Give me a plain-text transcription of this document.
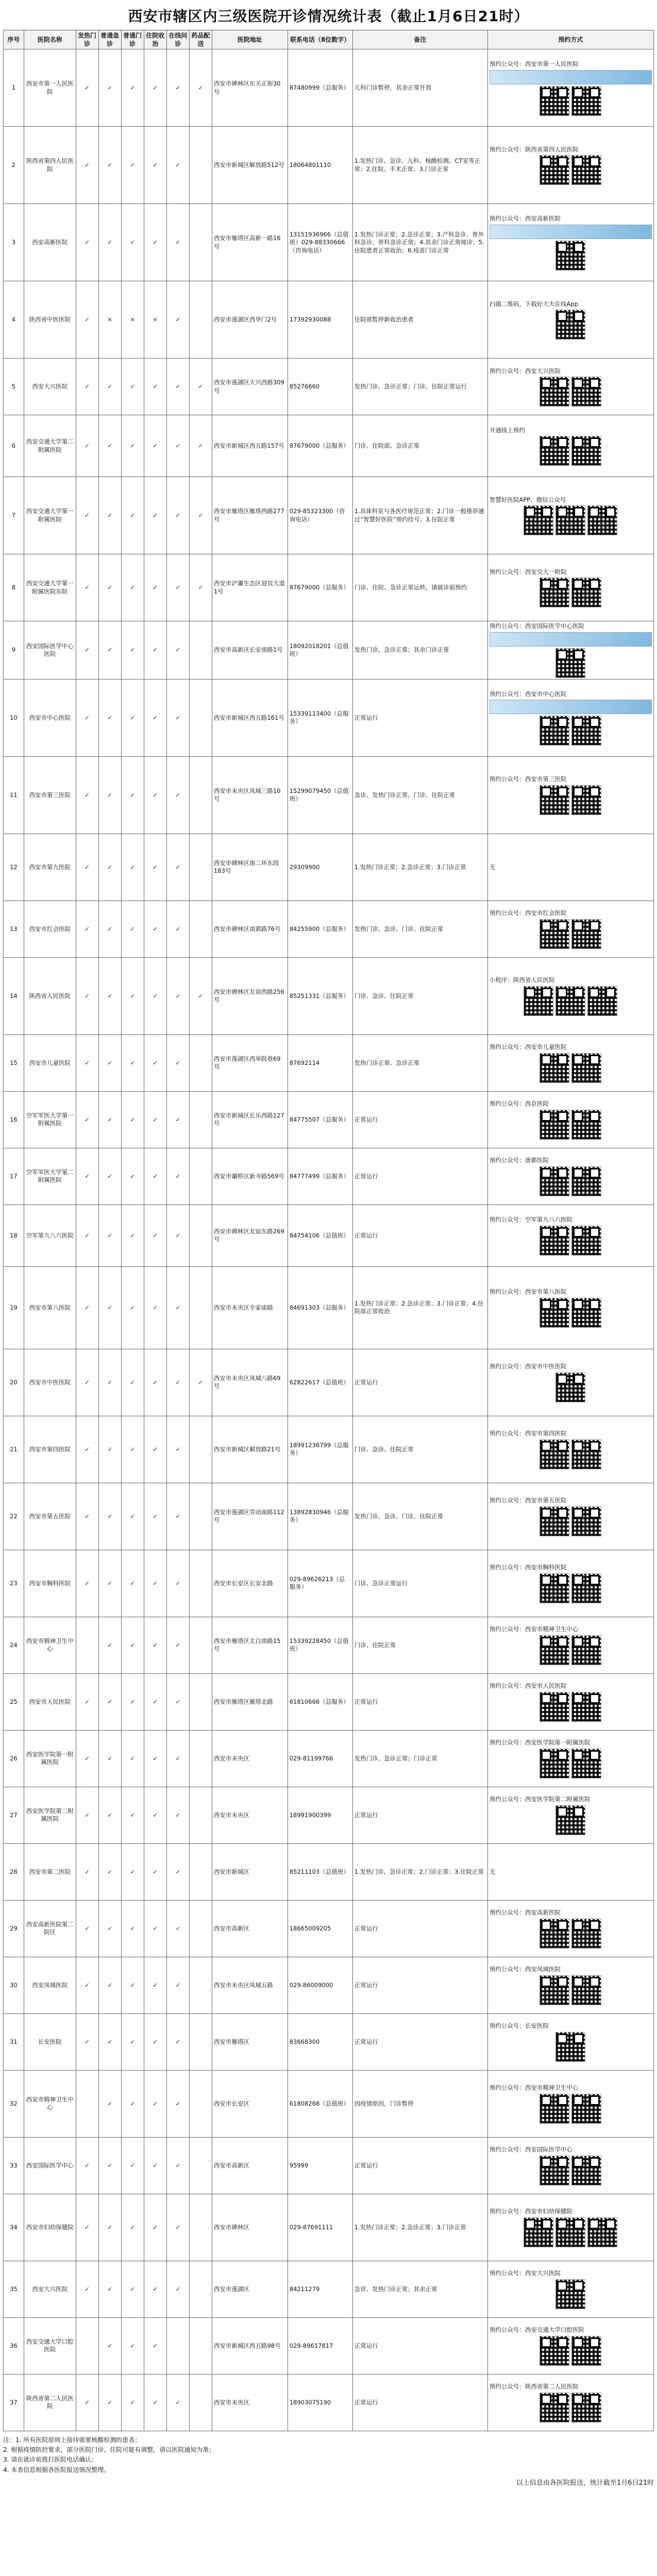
西安市辖区内三级医院开诊情况统计表（截止1月6日21时）
序号	医院名称	发热门诊	普通急诊	普通门诊	住院收治	在线问诊	药品配送	医院地址	联系电话（8位数字）	备注	预约方式
1	西安市第一人民医院	✓	✓	✓	✓	✓	✓	西安市碑林区东关正街30号	87480999（总服务）	儿科门诊暂停，其余正常开放	预约公众号：西安市第一人民医院

2	陕西省第四人民医院	✓	✓	✓	✓	✓		西安市新城区解放路512号	18064801110	1.发热门诊、急诊、儿科、核酸检测、CT室等正常；2.住院、手术正常；3.门诊正常	预约公众号：陕西省第四人民医院

3	西安高新医院	✓	✓	✓	✓	✓		西安市雁塔区高新一路16号	13151936966（总值班）029-88330666（咨询电话）	1.发热门诊正常；2.急诊正常；3.产科急诊、普外科急诊、骨科急诊正常；4.其余门诊正常接诊；5.住院患者正常收治；6.疫苗门诊正常	预约公众号：西安高新医院

4	陕西省中医医院	✓	×	×	×	✓		西安市莲湖区西华门2号	17392930088	住院部暂停新收治患者	扫描二维码，下载好大夫在线App

5	西安大兴医院	✓	✓	✓	✓	✓	✓	西安市莲湖区大兴西路309号	85276660	发热门诊、急诊正常；门诊、住院正常运行	预约公众号：西安大兴医院

6	西安交通大学第二附属医院	✓	✓	✓	✓	✓	✓	西安市新城区西五路157号	87679000（总服务）	门诊、住院部、急诊正常	开通线上预约

7	西安交通大学第一附属医院	✓	✓	✓	✓	✓	✓	西安市雁塔区雁塔西路277号	029-85323300（咨询电话）	1.具体科室与各医疗规范正常；2.门诊一般推荐通过“智慧好医院”预约挂号；3.住院正常	智慧好医院APP、微信公众号

8	西安交通大学第一附属医院东院	✓	✓	✓	✓	✓	✓	西安市浐灞生态区迎宾大道1号	87679000（总服务）	门诊、住院、急诊正常运转，请就诊前预约	预约公众号：西安交大一附院

9	西安国际医学中心医院	✓	✓	✓	✓	✓		西安市高新区长安南路1号	18092018201（总值班）	发热门诊、急诊正常；其余门诊正常	预约公众号：西安国际医学中心医院

10	西安市中心医院	✓	✓	✓	✓	✓		西安市新城区西五路161号	15339113400（总服务）	正常运行	预约公众号：西安市中心医院

11	西安市第三医院	✓	✓	✓	✓	✓		西安市未央区凤城三路10号	15299079450（总值班）	急诊、发热门诊正常，门诊、住院正常	预约公众号：西安市第三医院

12	西安市第九医院	✓	✓	✓	✓	✓		西安市碑林区南二环东段183号	29309900	1.发热门诊正常；2.急诊正常；3.门诊正常	无

13	西安市红会医院	✓	✓	✓	✓	✓		西安市碑林区南郭路76号	84255900（总服务）	发热门诊、急诊、门诊、住院正常	预约公众号：西安市红会医院

14	陕西省人民医院	✓	✓	✓	✓	✓	✓	西安市碑林区友谊西路256号	85251331（总服务）	门诊、急诊、住院正常	小程序：陕西省人民医院

15	西安市儿童医院	✓	✓	✓	✓	✓		西安市莲湖区西举院巷69号	87692114	发热门诊正常、急诊正常	预约公众号：西安市儿童医院

16	空军军医大学第一附属医院	✓	✓	✓	✓	✓		西安市新城区长乐西路127号	84775507（总服务）	正常运行	预约公众号：西京医院

17	空军军医大学第二附属医院	✓	✓	✓	✓	✓		西安市灞桥区新寺路569号	84777499（总服务）	正常运行	预约公众号：唐都医院

18	空军第九八六医院	✓	✓	✓	✓	✓		西安市碑林区友谊东路269号	84754106（总值班）	正常运行	预约公众号：空军第九八六医院

19	西安市第八医院	✓	✓	✓	✓	✓		西安市未央区辛家庙路	84691303（总服务）	1.发热门诊正常；2.急诊正常；3.门诊正常；4.住院部正常收治	预约公众号：西安市第八医院

20	西安市中医医院	✓	✓	✓	✓	✓	✓	西安市未央区凤城八路69号	62822617（总值班）	正常运行	预约公众号：西安市中医医院

21	西安市第四医院	✓	✓	✓	✓	✓		西安市新城区解放路21号	18991236799（总服务）	门诊、急诊、住院正常	预约公众号：西安市第四医院

22	西安市第五医院	✓	✓	✓	✓	✓		西安市莲湖区劳动南路112号	13892830946（总服务）	发热门诊、急诊、门诊、住院正常	预约公众号：西安市第五医院

23	西安市胸科医院	✓	✓	✓	✓	✓		西安市长安区长安北路	029-89626213（总服务）	门诊、急诊正常运行	预约公众号：西安市胸科医院

24	西安市精神卫生中心		✓	✓	✓	✓		西安市雁塔区太白南路15号	15339228450（总值班）	门诊、住院正常	预约公众号：西安市精神卫生中心

25	西安市人民医院	✓	✓	✓	✓	✓		西安市雁塔区雁塔北路	61810666（总服务）	正常运行	预约公众号：西安市人民医院

26	西安医学院第一附属医院	✓	✓	✓	✓	✓		西安市未央区	029-81199766	发热门诊、急诊正常；门诊正常	预约公众号：西安医学院第一附属医院

27	西安医学院第二附属医院	✓	✓	✓	✓	✓		西安市未央区	18991900399	正常运行	预约公众号：西安医学院第二附属医院

28	西安市第二医院	✓	✓	✓	✓	✓		西安市新城区	85211103（总值班）	1.发热门诊、急诊正常；2.门诊正常；3.住院正常	无

29	西安高新医院第二院区	✓	✓	✓	✓	✓		西安市高新区	18665009205	正常运行	预约公众号：西安高新医院

30	西安凤城医院	✓	✓	✓	✓	✓		西安市未央区凤城五路	029-86009000	正常运行	预约公众号：西安凤城医院

31	长安医院	✓	✓	✓	✓	✓		西安市雁塔区	83668300	正常运行	预约公众号：长安医院

32	西安市精神卫生中心		✓	✓	✓	✓		西安市长安区	61808268（总值班）	因疫情原因，门诊暂停	预约公众号：西安市精神卫生中心

33	西安国际医学中心	✓	✓	✓	✓	✓		西安市高新区	95999	正常运行	预约公众号：西安国际医学中心

34	西安市妇幼保健院	✓	✓	✓	✓	✓		西安市碑林区	029-87691111	1.发热门诊正常；2.急诊正常；3.门诊正常	预约公众号：西安市妇幼保健院

35	西安大兴医院	✓	✓	✓	✓	✓		西安市莲湖区	84211279	急诊、发热门诊正常；其余正常	预约公众号：西安大兴医院

36	西安交通大学口腔医院		✓	✓	✓			西安市新城区西五路98号	029-89617817	正常运行	预约公众号：西安交通大学口腔医院

37	陕西省第二人民医院	✓	✓	✓	✓	✓		西安市未央区	18903075190	正常运行	预约公众号：陕西省第二人民医院
注：1. 所有医院原则上接待需要核酸检测的患者；
2. 根据疫情防控要求，部分医院门诊、住院可能有调整，请以医院通知为准；
3. 请在就诊前拨打医院电话确认；
4. 本表信息根据各医院报送情况整理。
以上信息由各医院报送，统计截至1月6日21时
